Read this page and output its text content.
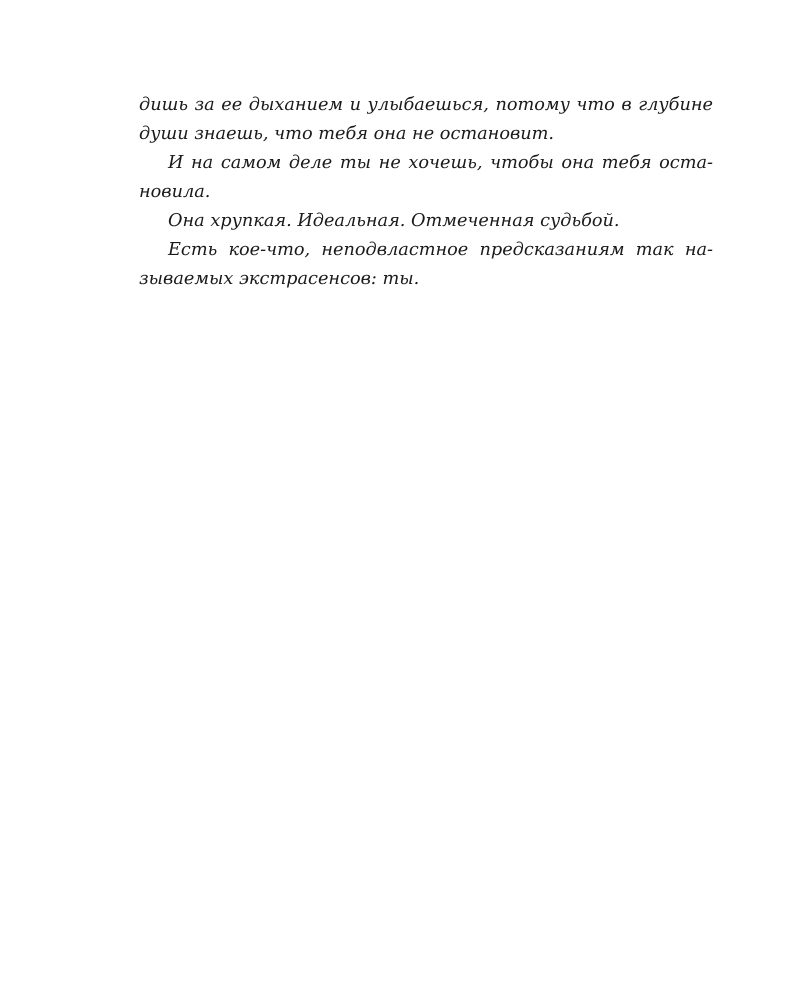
дишь за ее дыханием и улыбаешься, потому что в глубине
души знаешь, что тебя она не остановит.
И на самом деле ты не хочешь, чтобы она тебя оста-
новила.
Она хрупкая. Идеальная. Отмеченная судьбой.
Есть кое-что, неподвластное предсказаниям так на-
зываемых экстрасенсов: ты.
